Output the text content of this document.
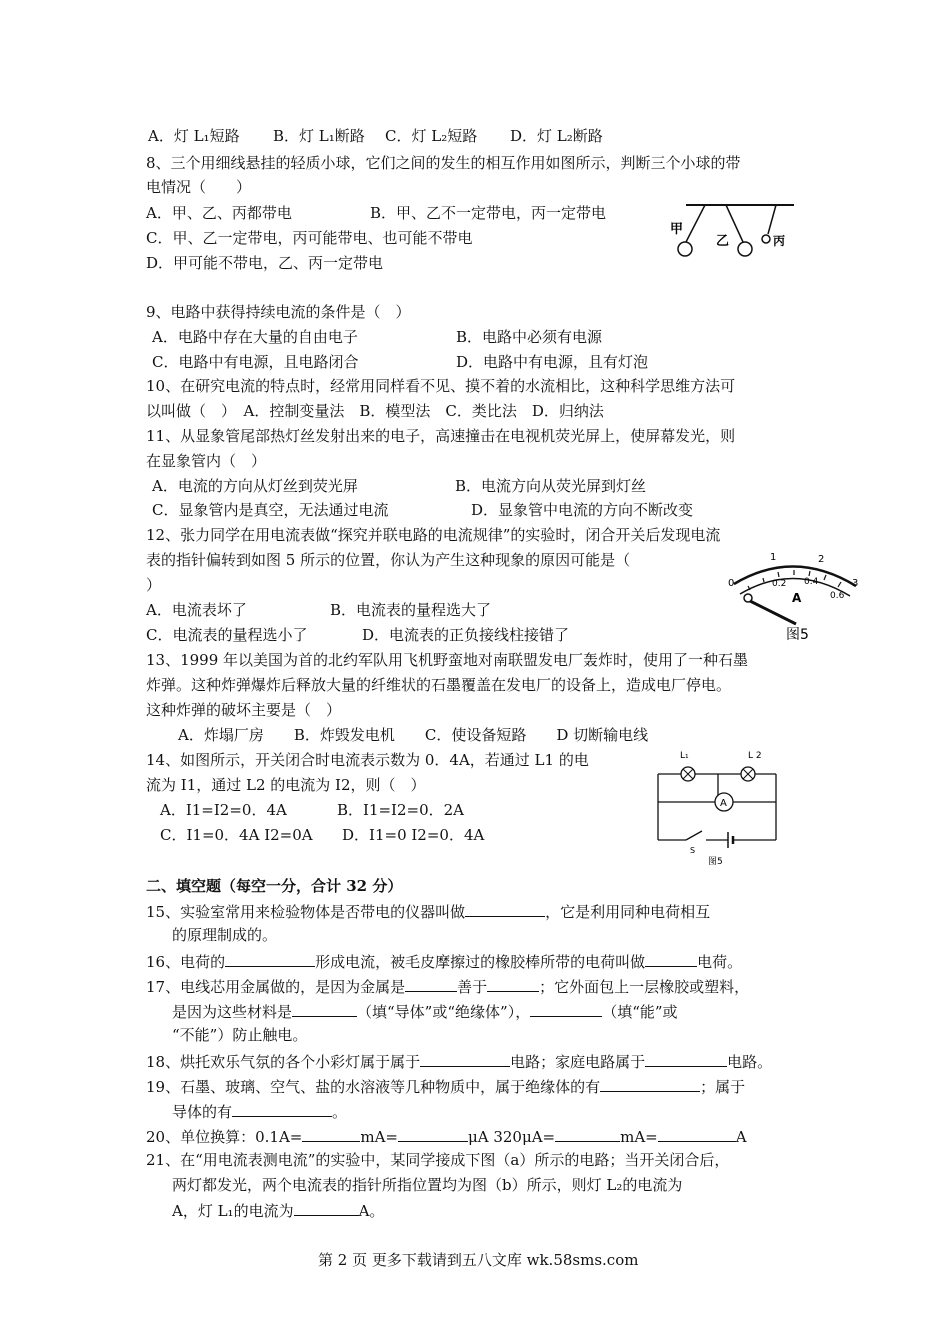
A．灯 L₁短路 B．灯 L₁断路 C．灯 L₂短路 D．灯 L₂断路
8、三个用细线悬挂的轻质小球，它们之间的发生的相互作用如图所示，判断三个小球的带
电情况（　　）
A．甲、乙、丙都带电	B．甲、乙不一定带电，丙一定带电
C．甲、乙一定带电，丙可能带电、也可能不带电
D．甲可能不带电，乙、丙一定带电
甲
乙	丙
9、电路中获得持续电流的条件是（　）
A．电路中存在大量的自由电子	B．电路中必须有电源
C．电路中有电源，且电路闭合	D．电路中有电源，且有灯泡
10、在研究电流的特点时，经常用同样看不见、摸不着的水流相比，这种科学思维方法可
以叫做（　）　A．控制变量法　B．模型法　C．类比法　D．归纳法
11、从显象管尾部热灯丝发射出来的电子，高速撞击在电视机荧光屏上，使屏幕发光，则
在显象管内（　）
A．电流的方向从灯丝到荧光屏	B．电流方向从荧光屏到灯丝
C．显象管内是真空，无法通过电流	D．显象管中电流的方向不断改变
12、张力同学在用电流表做“探究并联电路的电流规律”的实验时，闭合开关后发现电流
表的指针偏转到如图 5 所示的位置，你认为产生这种现象的原因可能是（
）
A．电流表坏了	B．电流表的量程选大了
C．电流表的量程选小了	D．电流表的正负接线柱接错了
1	2
3
0	0.2 0.4
0.6
A
图5
13、1999 年以美国为首的北约军队用飞机野蛮地对南联盟发电厂轰炸时，使用了一种石墨
炸弹。这种炸弹爆炸后释放大量的纤维状的石墨覆盖在发电厂的设备上，造成电厂停电。
这种炸弹的破坏主要是（　）
A．炸塌厂房　　B．炸毁发电机　　C．使设备短路　　D 切断输电线
14、如图所示，开关闭合时电流表示数为 0．4A，若通过 L1 的电
流为 I1，通过 L2 的电流为 I2，则（　）
A．I1=I2=0．4A	B．I1=I2=0．2A
C．I1=0．4A I2=0A D．I1=0 I2=0．4A
A
L₁	L 2
S
图5
二、填空题（每空一分，合计 32 分）
15、实验室常用来检验物体是否带电的仪器叫做	，它是利用同种电荷相互
的原理制成的。
16、电荷的	形成电流，被毛皮摩擦过的橡胶棒所带的电荷叫做	电荷。
17、电线芯用金属做的，是因为金属是	善于	；它外面包上一层橡胶或塑料，
是因为这些材料是	（填“导体”或“绝缘体”），	（填“能”或
“不能”）防止触电。
18、烘托欢乐气氛的各个小彩灯属于属于	电路；家庭电路属于	电路。
19、石墨、玻璃、空气、盐的水溶液等几种物质中，属于绝缘体的有	；属于
导体的有	。
20、单位换算：0.1A=	mA=	μA 320μA=	mA=	A
21、在“用电流表测电流”的实验中，某同学接成下图（a）所示的电路；当开关闭合后，
两灯都发光，两个电流表的指针所指位置均为图（b）所示，则灯 L₂的电流为
A，灯 L₁的电流为	A。
第 2 页 更多下载请到五八文库 wk.58sms.com
